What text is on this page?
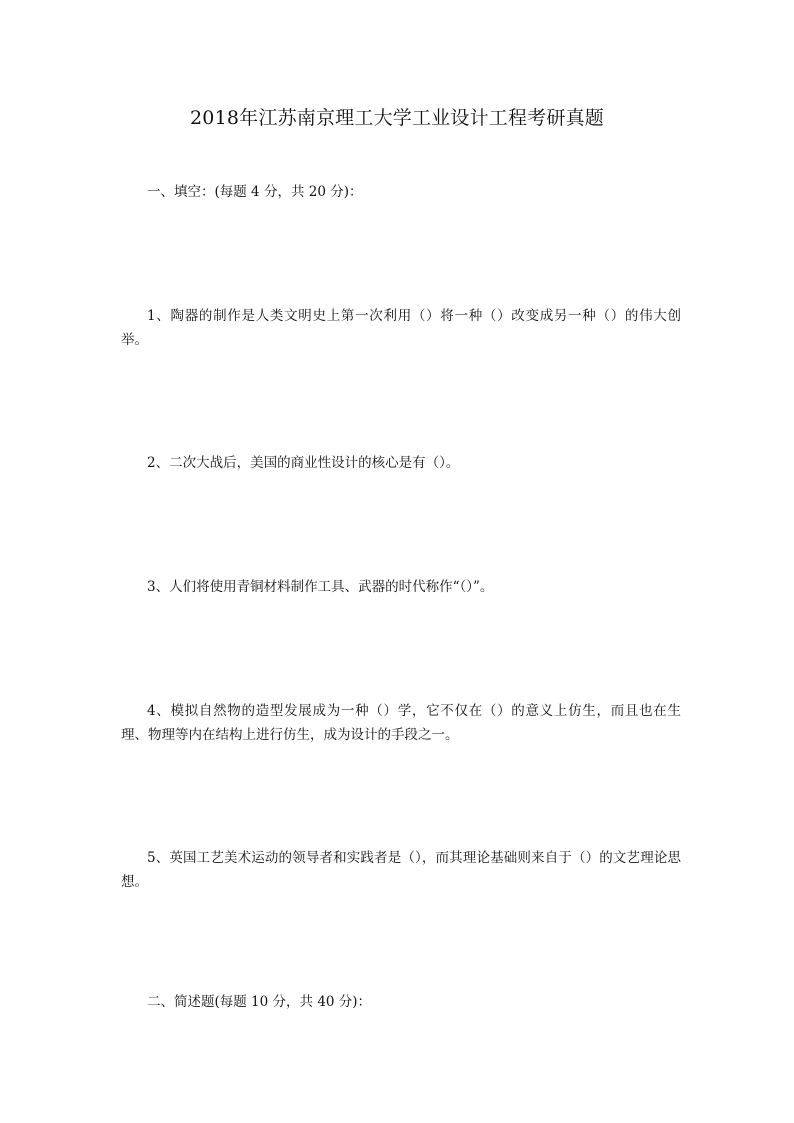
2018年江苏南京理工大学工业设计工程考研真题
一、填空：(每题 4 分，共 20 分)：
1、陶器的制作是人类文明史上第一次利用（）将一种（）改变成另一种（）的伟大创举。
2、二次大战后，美国的商业性设计的核心是有（）。
3、人们将使用青铜材料制作工具、武器的时代称作“（）”。
4、模拟自然物的造型发展成为一种（）学，它不仅在（）的意义上仿生，而且也在生理、物理等内在结构上进行仿生，成为设计的手段之一。
5、英国工艺美术运动的领导者和实践者是（），而其理论基础则来自于（）的文艺理论思想。
二、简述题(每题 10 分，共 40 分)：
